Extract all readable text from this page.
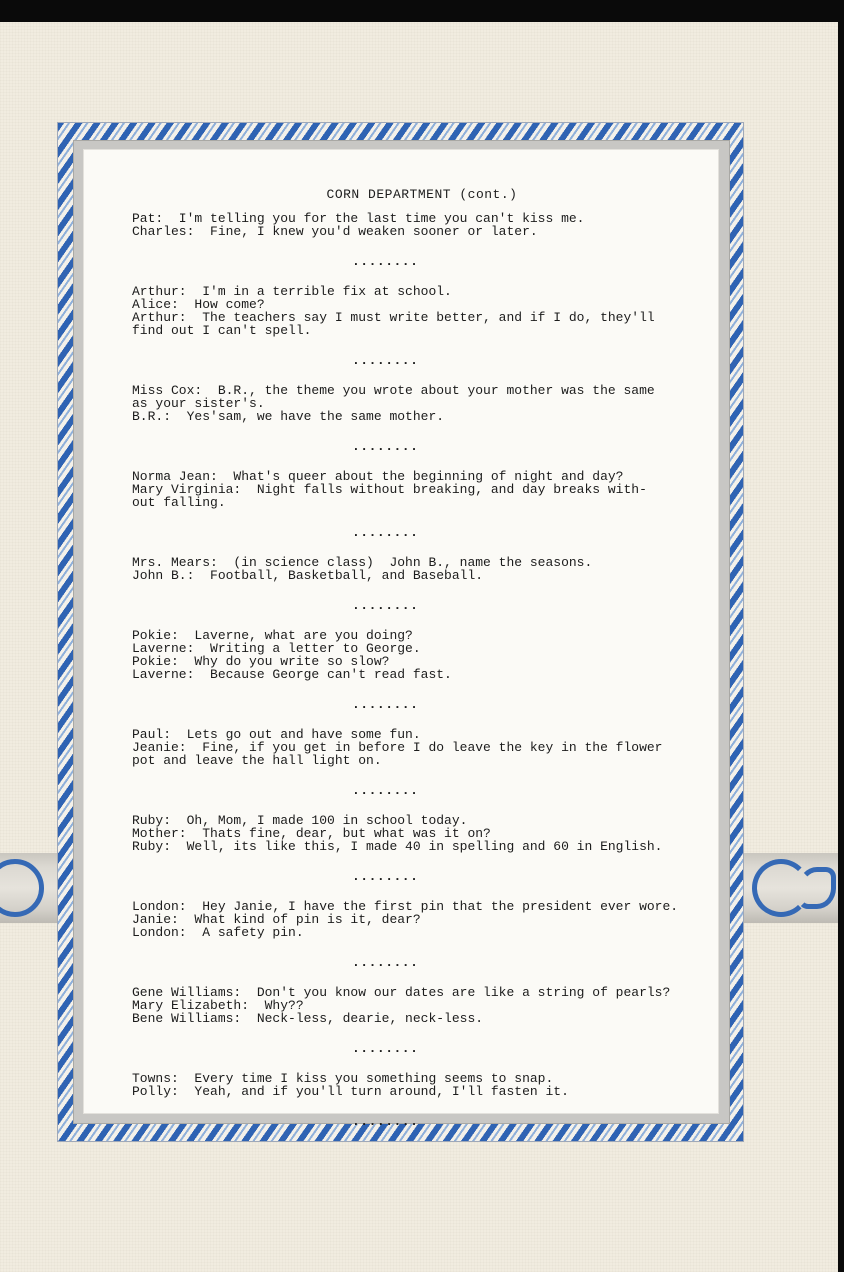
CORN DEPARTMENT (cont.)
Pat:  I'm telling you for the last time you can't kiss me.
Charles:  Fine, I knew you'd weaken sooner or later.
........
Arthur:  I'm in a terrible fix at school.
Alice:  How come?
Arthur:  The teachers say I must write better, and if I do, they'll
find out I can't spell.
........
Miss Cox:  B.R., the theme you wrote about your mother was the same
as your sister's.
B.R.:  Yes'sam, we have the same mother.
........
Norma Jean:  What's queer about the beginning of night and day?
Mary Virginia:  Night falls without breaking, and day breaks with-
out falling.
........
Mrs. Mears:  (in science class)  John B., name the seasons.
John B.:  Football, Basketball, and Baseball.
........
Pokie:  Laverne, what are you doing?
Laverne:  Writing a letter to George.
Pokie:  Why do you write so slow?
Laverne:  Because George can't read fast.
........
Paul:  Lets go out and have some fun.
Jeanie:  Fine, if you get in before I do leave the key in the flower
pot and leave the hall light on.
........
Ruby:  Oh, Mom, I made 100 in school today.
Mother:  Thats fine, dear, but what was it on?
Ruby:  Well, its like this, I made 40 in spelling and 60 in English.
........
London:  Hey Janie, I have the first pin that the president ever wore.
Janie:  What kind of pin is it, dear?
London:  A safety pin.
........
Gene Williams:  Don't you know our dates are like a string of pearls?
Mary Elizabeth:  Why??
Bene Williams:  Neck-less, dearie, neck-less.
........
Towns:  Every time I kiss you something seems to snap.
Polly:  Yeah, and if you'll turn around, I'll fasten it.
........
